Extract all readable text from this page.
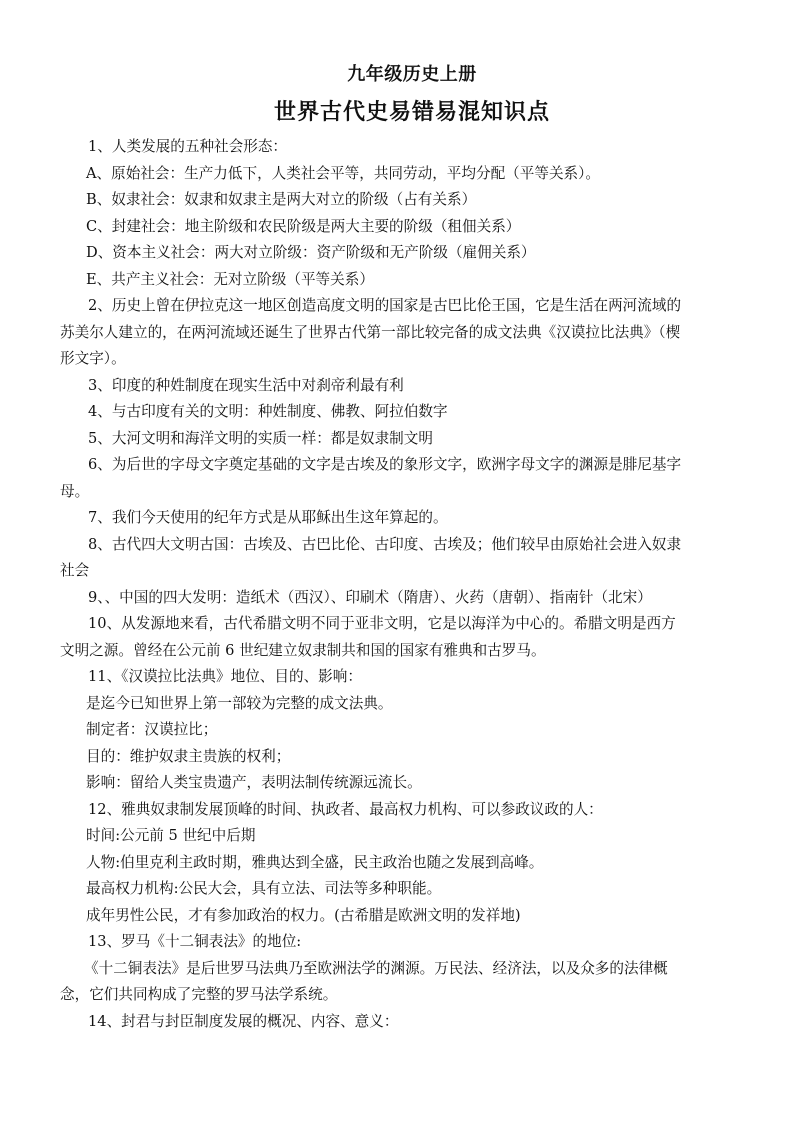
九年级历史上册
世界古代史易错易混知识点

1、人类发展的五种社会形态：

A、原始社会：生产力低下，人类社会平等，共同劳动，平均分配（平等关系）。

B、奴隶社会：奴隶和奴隶主是两大对立的阶级（占有关系）

C、封建社会：地主阶级和农民阶级是两大主要的阶级（租佃关系）

D、资本主义社会：两大对立阶级：资产阶级和无产阶级（雇佣关系）

E、共产主义社会：无对立阶级（平等关系）

2、历史上曾在伊拉克这一地区创造高度文明的国家是古巴比伦王国，它是生活在两河流域的

苏美尔人建立的，在两河流域还诞生了世界古代第一部比较完备的成文法典《汉谟拉比法典》（楔

形文字）。

3、印度的种姓制度在现实生活中对刹帝利最有利

4、与古印度有关的文明：种姓制度、佛教、阿拉伯数字

5、大河文明和海洋文明的实质一样：都是奴隶制文明

6、为后世的字母文字奠定基础的文字是古埃及的象形文字，欧洲字母文字的渊源是腓尼基字

母。

7、我们今天使用的纪年方式是从耶稣出生这年算起的。

8、古代四大文明古国：古埃及、古巴比伦、古印度、古埃及；他们较早由原始社会进入奴隶

社会

9、、中国的四大发明：造纸术（西汉）、印刷术（隋唐）、火药（唐朝）、指南针（北宋）

10、从发源地来看，古代希腊文明不同于亚非文明，它是以海洋为中心的。希腊文明是西方

文明之源。曾经在公元前 6 世纪建立奴隶制共和国的国家有雅典和古罗马。

11、《汉谟拉比法典》地位、目的、影响：

是迄今已知世界上第一部较为完整的成文法典。

制定者：汉谟拉比；

目的：维护奴隶主贵族的权利；

影响：留给人类宝贵遗产，表明法制传统源远流长。

12、雅典奴隶制发展顶峰的时间、执政者、最高权力机构、可以参政议政的人：

时间:公元前 5 世纪中后期

人物:伯里克利主政时期，雅典达到全盛，民主政治也随之发展到高峰。

最高权力机构:公民大会，具有立法、司法等多种职能。

成年男性公民，才有参加政治的权力。(古希腊是欧洲文明的发祥地)

13、罗马《十二铜表法》的地位:

《十二铜表法》是后世罗马法典乃至欧洲法学的渊源。万民法、经济法，以及众多的法律概

念，它们共同构成了完整的罗马法学系统。

14、封君与封臣制度发展的概况、内容、意义：
